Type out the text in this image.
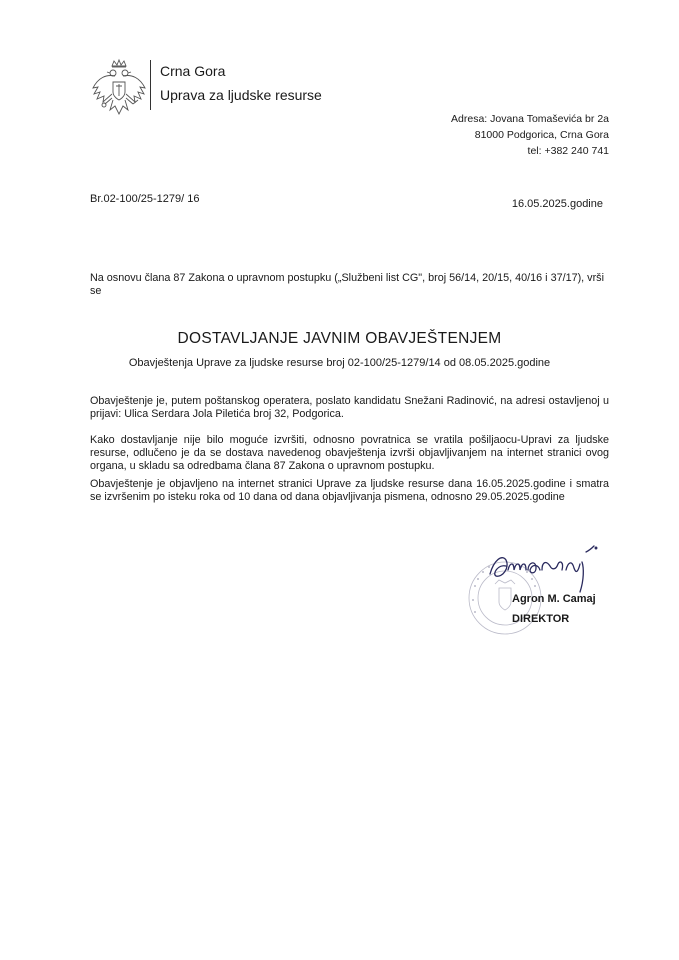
Crna Gora
Uprava za ljudske resurse
Adresa: Jovana Tomaševića br 2a
81000 Podgorica, Crna Gora
tel: +382 240 741
Br.02-100/25-1279/ 16	16.05.2025.godine
Na osnovu člana 87 Zakona o upravnom postupku („Službeni list CG", broj 56/14, 20/15, 40/16 i 37/17), vrši se
DOSTAVLJANJE JAVNIM OBAVJEŠTENJEM
Obavještenja Uprave za ljudske resurse broj 02-100/25-1279/14 od 08.05.2025.godine
Obavještenje je, putem poštanskog operatera, poslato kandidatu Snežani Radinović, na adresi ostavljenoj u prijavi: Ulica Serdara Jola Piletića broj 32, Podgorica.
Kako dostavljanje nije bilo moguće izvršiti, odnosno povratnica se vratila pošiljaocu-Upravi za ljudske resurse, odlučeno je da se dostava navedenog obavještenja izvrši objavljivanjem na internet stranici ovog organa, u skladu sa odredbama člana 87 Zakona o upravnom postupku.
Obavještenje je objavljeno na internet stranici Uprave za ljudske resurse dana 16.05.2025.godine i smatra se izvršenim po isteku roka od 10 dana od dana objavljivanja pismena, odnosno 29.05.2025.godine
Agron M. Camaj
DIREKTOR
